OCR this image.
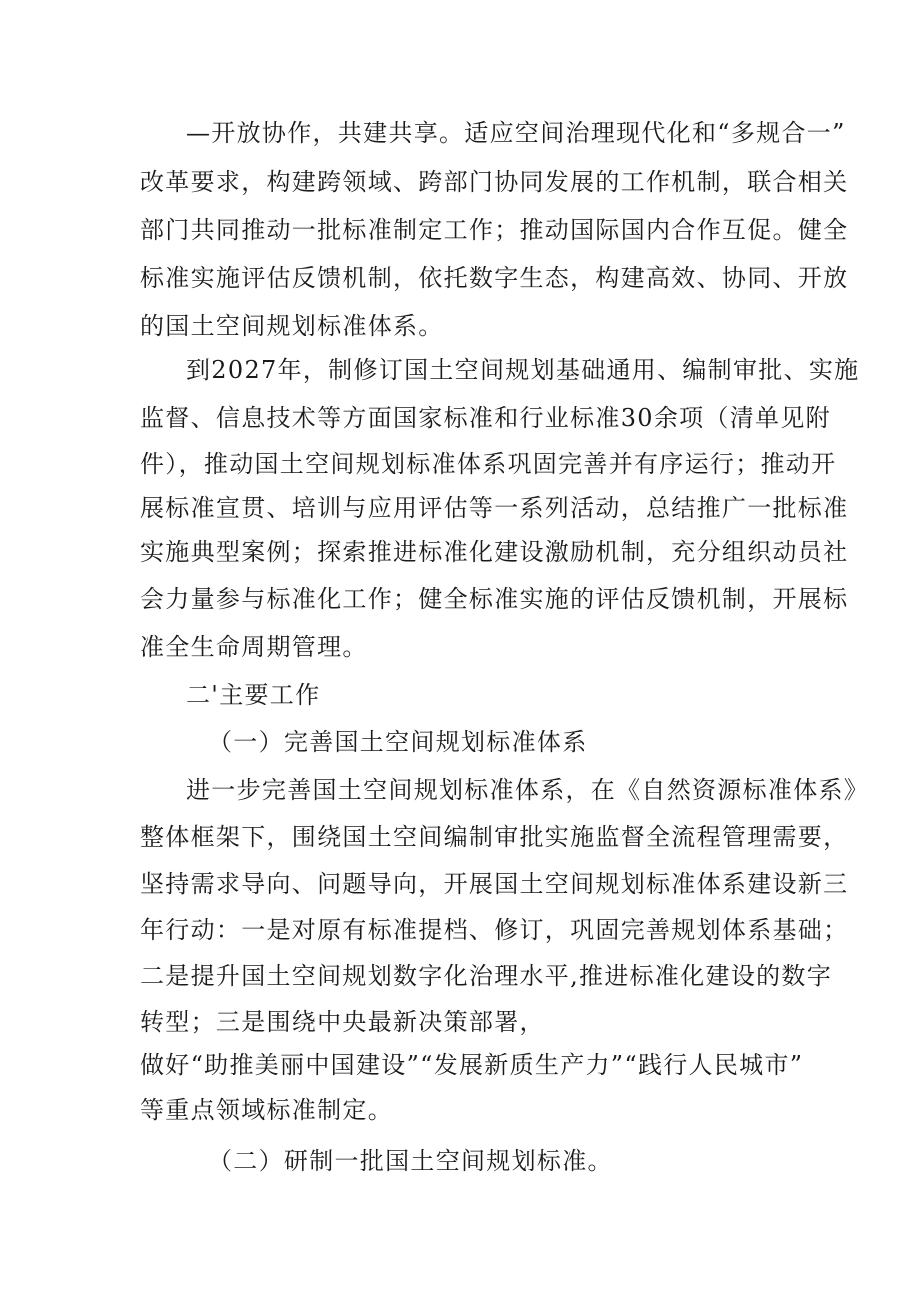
—开放协作，共建共享。适应空间治理现代化和“多规合一”
改革要求，构建跨领域、跨部门协同发展的工作机制，联合相关
部门共同推动一批标准制定工作；推动国际国内合作互促。健全
标准实施评估反馈机制，依托数字生态，构建高效、协同、开放
的国土空间规划标准体系。
到2027年，制修订国土空间规划基础通用、编制审批、实施
监督、信息技术等方面国家标准和行业标准30余项（清单见附
件），推动国土空间规划标准体系巩固完善并有序运行；推动开
展标准宣贯、培训与应用评估等一系列活动，总结推广一批标准
实施典型案例；探索推进标准化建设激励机制，充分组织动员社
会力量参与标准化工作；健全标准实施的评估反馈机制，开展标
准全生命周期管理。
二'主要工作
（一）完善国土空间规划标准体系
进一步完善国土空间规划标准体系，在《自然资源标准体系》
整体框架下，围绕国土空间编制审批实施监督全流程管理需要，
坚持需求导向、问题导向，开展国土空间规划标准体系建设新三
年行动：一是对原有标准提档、修订，巩固完善规划体系基础；
二是提升国土空间规划数字化治理水平,推进标准化建设的数字
转型；三是围绕中央最新决策部署，
做好“助推美丽中国建设”“发展新质生产力”“践行人民城市”
等重点领域标准制定。
（二）研制一批国土空间规划标准。
